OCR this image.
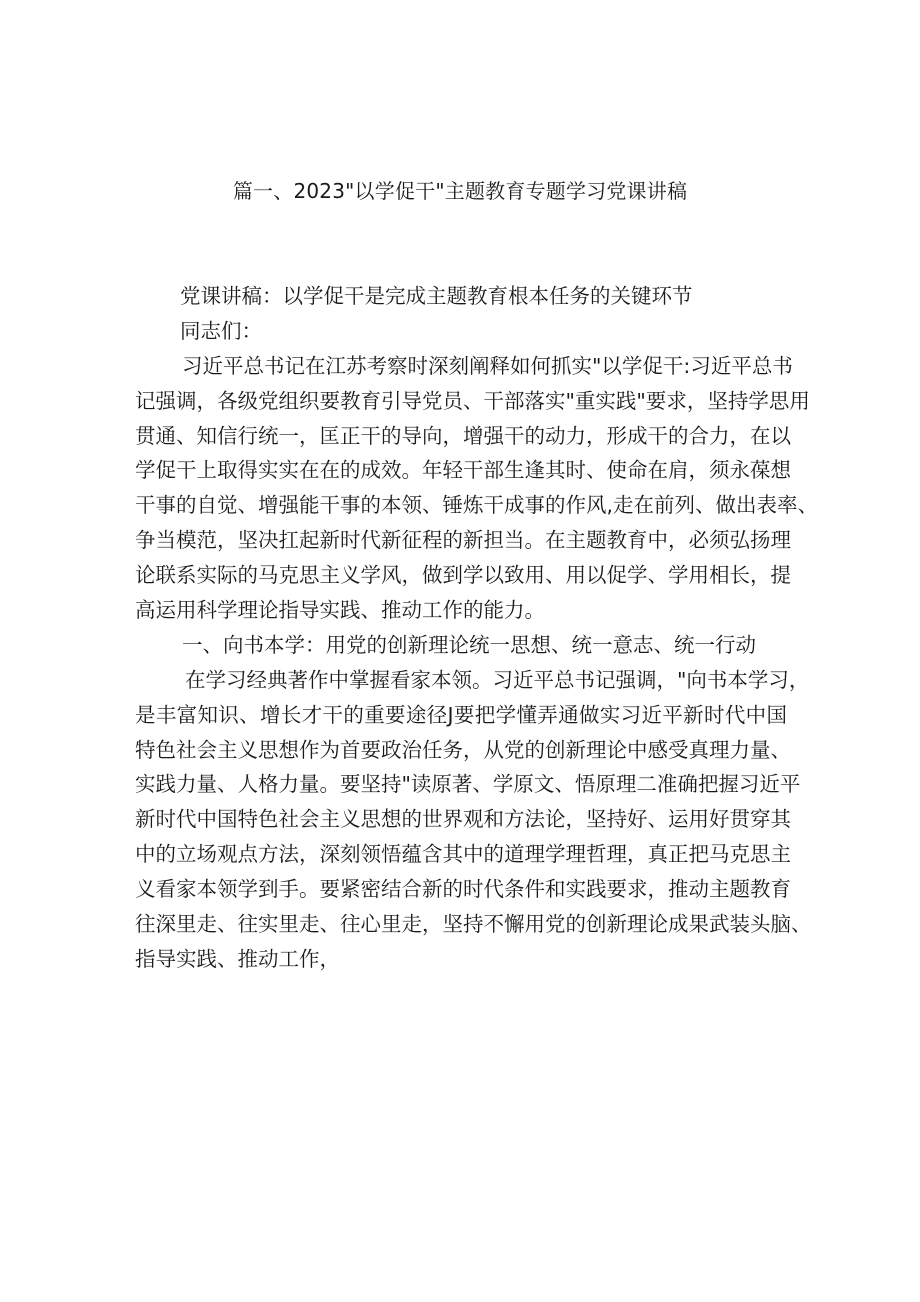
篇一、2023"以学促干"主题教育专题学习党课讲稿
党课讲稿：以学促干是完成主题教育根本任务的关键环节
同志们：
习近平总书记在江苏考察时深刻阐释如何抓实"以学促干:习近平总书
记强调，各级党组织要教育引导党员、干部落实"重实践"要求，坚持学思用
贯通、知信行统一，匡正干的导向，增强干的动力，形成干的合力，在以
学促干上取得实实在在的成效。年轻干部生逢其时、使命在肩，须永葆想
干事的自觉、增强能干事的本领、锤炼干成事的作风,走在前列、做出表率、
争当模范，坚决扛起新时代新征程的新担当。在主题教育中，必须弘扬理
论联系实际的马克思主义学风，做到学以致用、用以促学、学用相长，提
高运用科学理论指导实践、推动工作的能力。
一、向书本学：用党的创新理论统一思想、统一意志、统一行动
在学习经典著作中掌握看家本领。习近平总书记强调，"向书本学习，
是丰富知识、增长才干的重要途径J要把学懂弄通做实习近平新时代中国
特色社会主义思想作为首要政治任务，从党的创新理论中感受真理力量、
实践力量、人格力量。要坚持"读原著、学原文、悟原理二准确把握习近平
新时代中国特色社会主义思想的世界观和方法论，坚持好、运用好贯穿其
中的立场观点方法，深刻领悟蕴含其中的道理学理哲理，真正把马克思主
义看家本领学到手。要紧密结合新的时代条件和实践要求，推动主题教育
往深里走、往实里走、往心里走，坚持不懈用党的创新理论成果武装头脑、
指导实践、推动工作，
